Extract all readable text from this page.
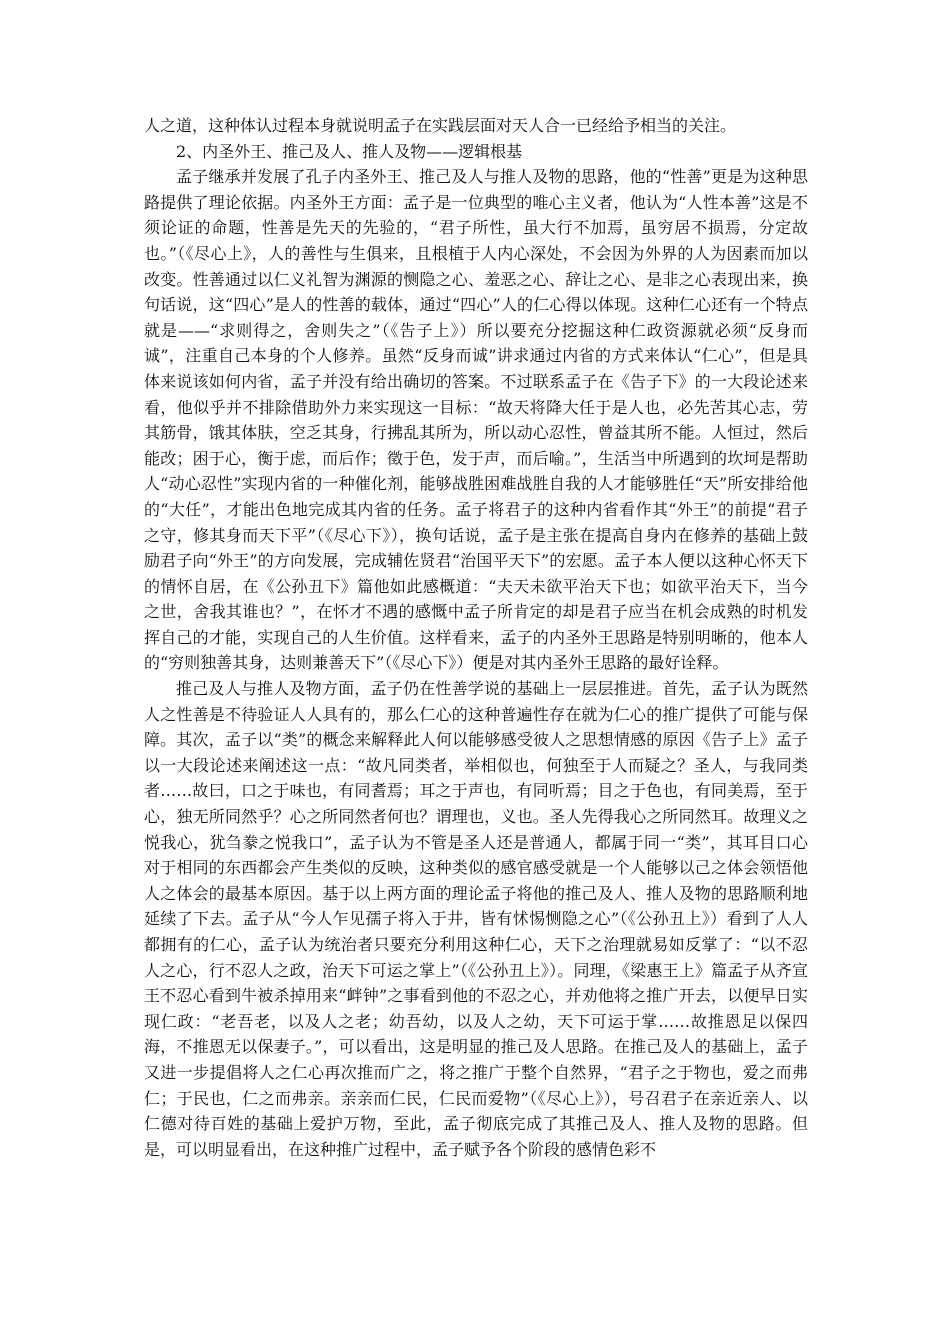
人之道，这种体认过程本身就说明孟子在实践层面对天人合一已经给予相当的关注。

2、内圣外王、推己及人、推人及物——逻辑根基

孟子继承并发展了孔子内圣外王、推己及人与推人及物的思路，他的“性善”更是为这种思路提供了理论依据。内圣外王方面：孟子是一位典型的唯心主义者，他认为“人性本善”这是不须论证的命题，性善是先天的先验的，“君子所性，虽大行不加焉，虽穷居不损焉，分定故也。”（《尽心上》，人的善性与生俱来，且根植于人内心深处，不会因为外界的人为因素而加以改变。性善通过以仁义礼智为渊源的恻隐之心、羞恶之心、辞让之心、是非之心表现出来，换句话说，这“四心”是人的性善的载体，通过“四心”人的仁心得以体现。这种仁心还有一个特点就是——“求则得之，舍则失之”（《告子上》）所以要充分挖掘这种仁政资源就必须“反身而诚”，注重自己本身的个人修养。虽然“反身而诚”讲求通过内省的方式来体认“仁心”，但是具体来说该如何内省，孟子并没有给出确切的答案。不过联系孟子在《告子下》的一大段论述来看，他似乎并不排除借助外力来实现这一目标：“故天将降大任于是人也，必先苦其心志，劳其筋骨，饿其体肤，空乏其身，行拂乱其所为，所以动心忍性，曾益其所不能。人恒过，然后能改；困于心，衡于虑，而后作；徵于色，发于声，而后喻。”，生活当中所遇到的坎坷是帮助人“动心忍性”实现内省的一种催化剂，能够战胜困难战胜自我的人才能够胜任“天”所安排给他的“大任”，才能出色地完成其内省的任务。孟子将君子的这种内省看作其“外王”的前提“君子之守，修其身而天下平”（《尽心下》），换句话说，孟子是主张在提高自身内在修养的基础上鼓励君子向“外王”的方向发展，完成辅佐贤君“治国平天下”的宏愿。孟子本人便以这种心怀天下的情怀自居，在《公孙丑下》篇他如此感概道：“夫天未欲平治天下也；如欲平治天下，当今之世，舍我其谁也？”，在怀才不遇的感慨中孟子所肯定的却是君子应当在机会成熟的时机发挥自己的才能，实现自己的人生价值。这样看来，孟子的内圣外王思路是特别明晰的，他本人的“穷则独善其身，达则兼善天下”（《尽心下》）便是对其内圣外王思路的最好诠释。

推己及人与推人及物方面，孟子仍在性善学说的基础上一层层推进。首先，孟子认为既然人之性善是不待验证人人具有的，那么仁心的这种普遍性存在就为仁心的推广提供了可能与保障。其次，孟子以“类”的概念来解释此人何以能够感受彼人之思想情感的原因《告子上》孟子以一大段论述来阐述这一点：“故凡同类者，举相似也，何独至于人而疑之？圣人，与我同类者……故曰，口之于味也，有同耆焉；耳之于声也，有同听焉；目之于色也，有同美焉，至于心，独无所同然乎？心之所同然者何也？谓理也，义也。圣人先得我心之所同然耳。故理义之悦我心，犹刍豢之悦我口”，孟子认为不管是圣人还是普通人，都属于同一“类”，其耳目口心对于相同的东西都会产生类似的反映，这种类似的感官感受就是一个人能够以己之体会领悟他人之体会的最基本原因。基于以上两方面的理论孟子将他的推己及人、推人及物的思路顺利地延续了下去。孟子从“今人乍见孺子将入于井，皆有怵惕恻隐之心”（《公孙丑上》）看到了人人都拥有的仁心，孟子认为统治者只要充分利用这种仁心，天下之治理就易如反掌了：“以不忍人之心，行不忍人之政，治天下可运之掌上”（《公孙丑上》）。同理，《梁惠王上》篇孟子从齐宣王不忍心看到牛被杀掉用来“衅钟”之事看到他的不忍之心，并劝他将之推广开去，以便早日实现仁政：“老吾老，以及人之老；幼吾幼，以及人之幼，天下可运于掌……故推恩足以保四海，不推恩无以保妻子。”，可以看出，这是明显的推己及人思路。在推己及人的基础上，孟子又进一步提倡将人之仁心再次推而广之，将之推广于整个自然界，“君子之于物也，爱之而弗仁；于民也，仁之而弗亲。亲亲而仁民，仁民而爱物”（《尽心上》），号召君子在亲近亲人、以仁德对待百姓的基础上爱护万物，至此，孟子彻底完成了其推己及人、推人及物的思路。但是，可以明显看出，在这种推广过程中，孟子赋予各个阶段的感情色彩不
